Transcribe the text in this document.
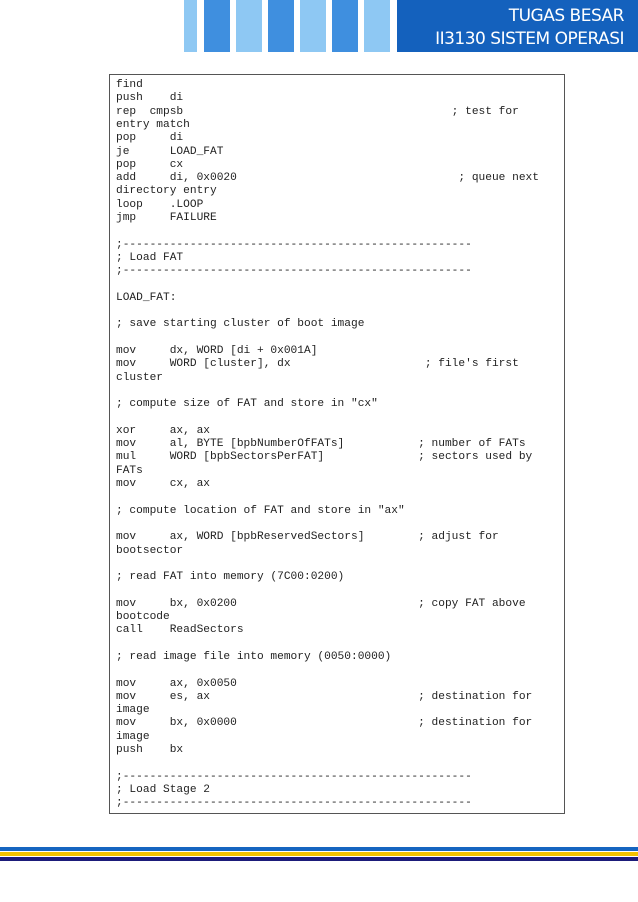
TUGAS BESAR
II3130 SISTEM OPERASI
find
push    di
rep  cmpsb                                        ; test for
entry match
pop     di
je      LOAD_FAT
pop     cx
add     di, 0x0020                                 ; queue next
directory entry
loop    .LOOP
jmp     FAILURE
;----------------------------------------------------
; Load FAT
;----------------------------------------------------
LOAD_FAT:
; save starting cluster of boot image
mov     dx, WORD [di + 0x001A]
mov     WORD [cluster], dx                    ; file's first
cluster
; compute size of FAT and store in "cx"
xor     ax, ax
mov     al, BYTE [bpbNumberOfFATs]           ; number of FATs
mul     WORD [bpbSectorsPerFAT]              ; sectors used by
FATs
mov     cx, ax
; compute location of FAT and store in "ax"
mov     ax, WORD [bpbReservedSectors]        ; adjust for
bootsector
; read FAT into memory (7C00:0200)
mov     bx, 0x0200                           ; copy FAT above
bootcode
call    ReadSectors
; read image file into memory (0050:0000)
mov     ax, 0x0050
mov     es, ax                               ; destination for
image
mov     bx, 0x0000                           ; destination for
image
push    bx
;----------------------------------------------------
; Load Stage 2
;----------------------------------------------------
